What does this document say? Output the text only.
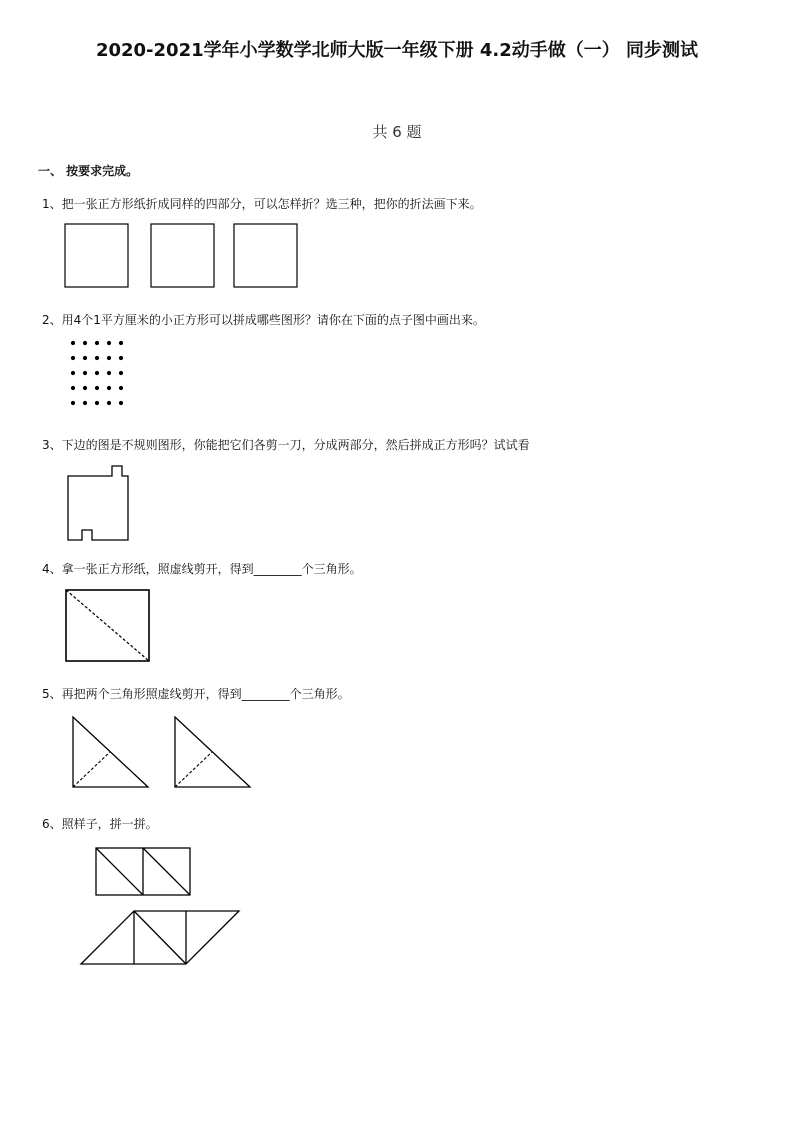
2020-2021学年小学数学北师大版一年级下册 4.2动手做（一） 同步测试
共 6 题
一、 按要求完成。
1、把一张正方形纸折成同样的四部分，可以怎样折？选三种，把你的折法画下来。
2、用4个1平方厘米的小正方形可以拼成哪些图形？请你在下面的点子图中画出来。
3、下边的图是不规则图形，你能把它们各剪一刀，分成两部分，然后拼成正方形吗？试试看
4、拿一张正方形纸，照虚线剪开，得到________个三角形。
5、再把两个三角形照虚线剪开，得到________个三角形。
6、照样子，拼一拼。
